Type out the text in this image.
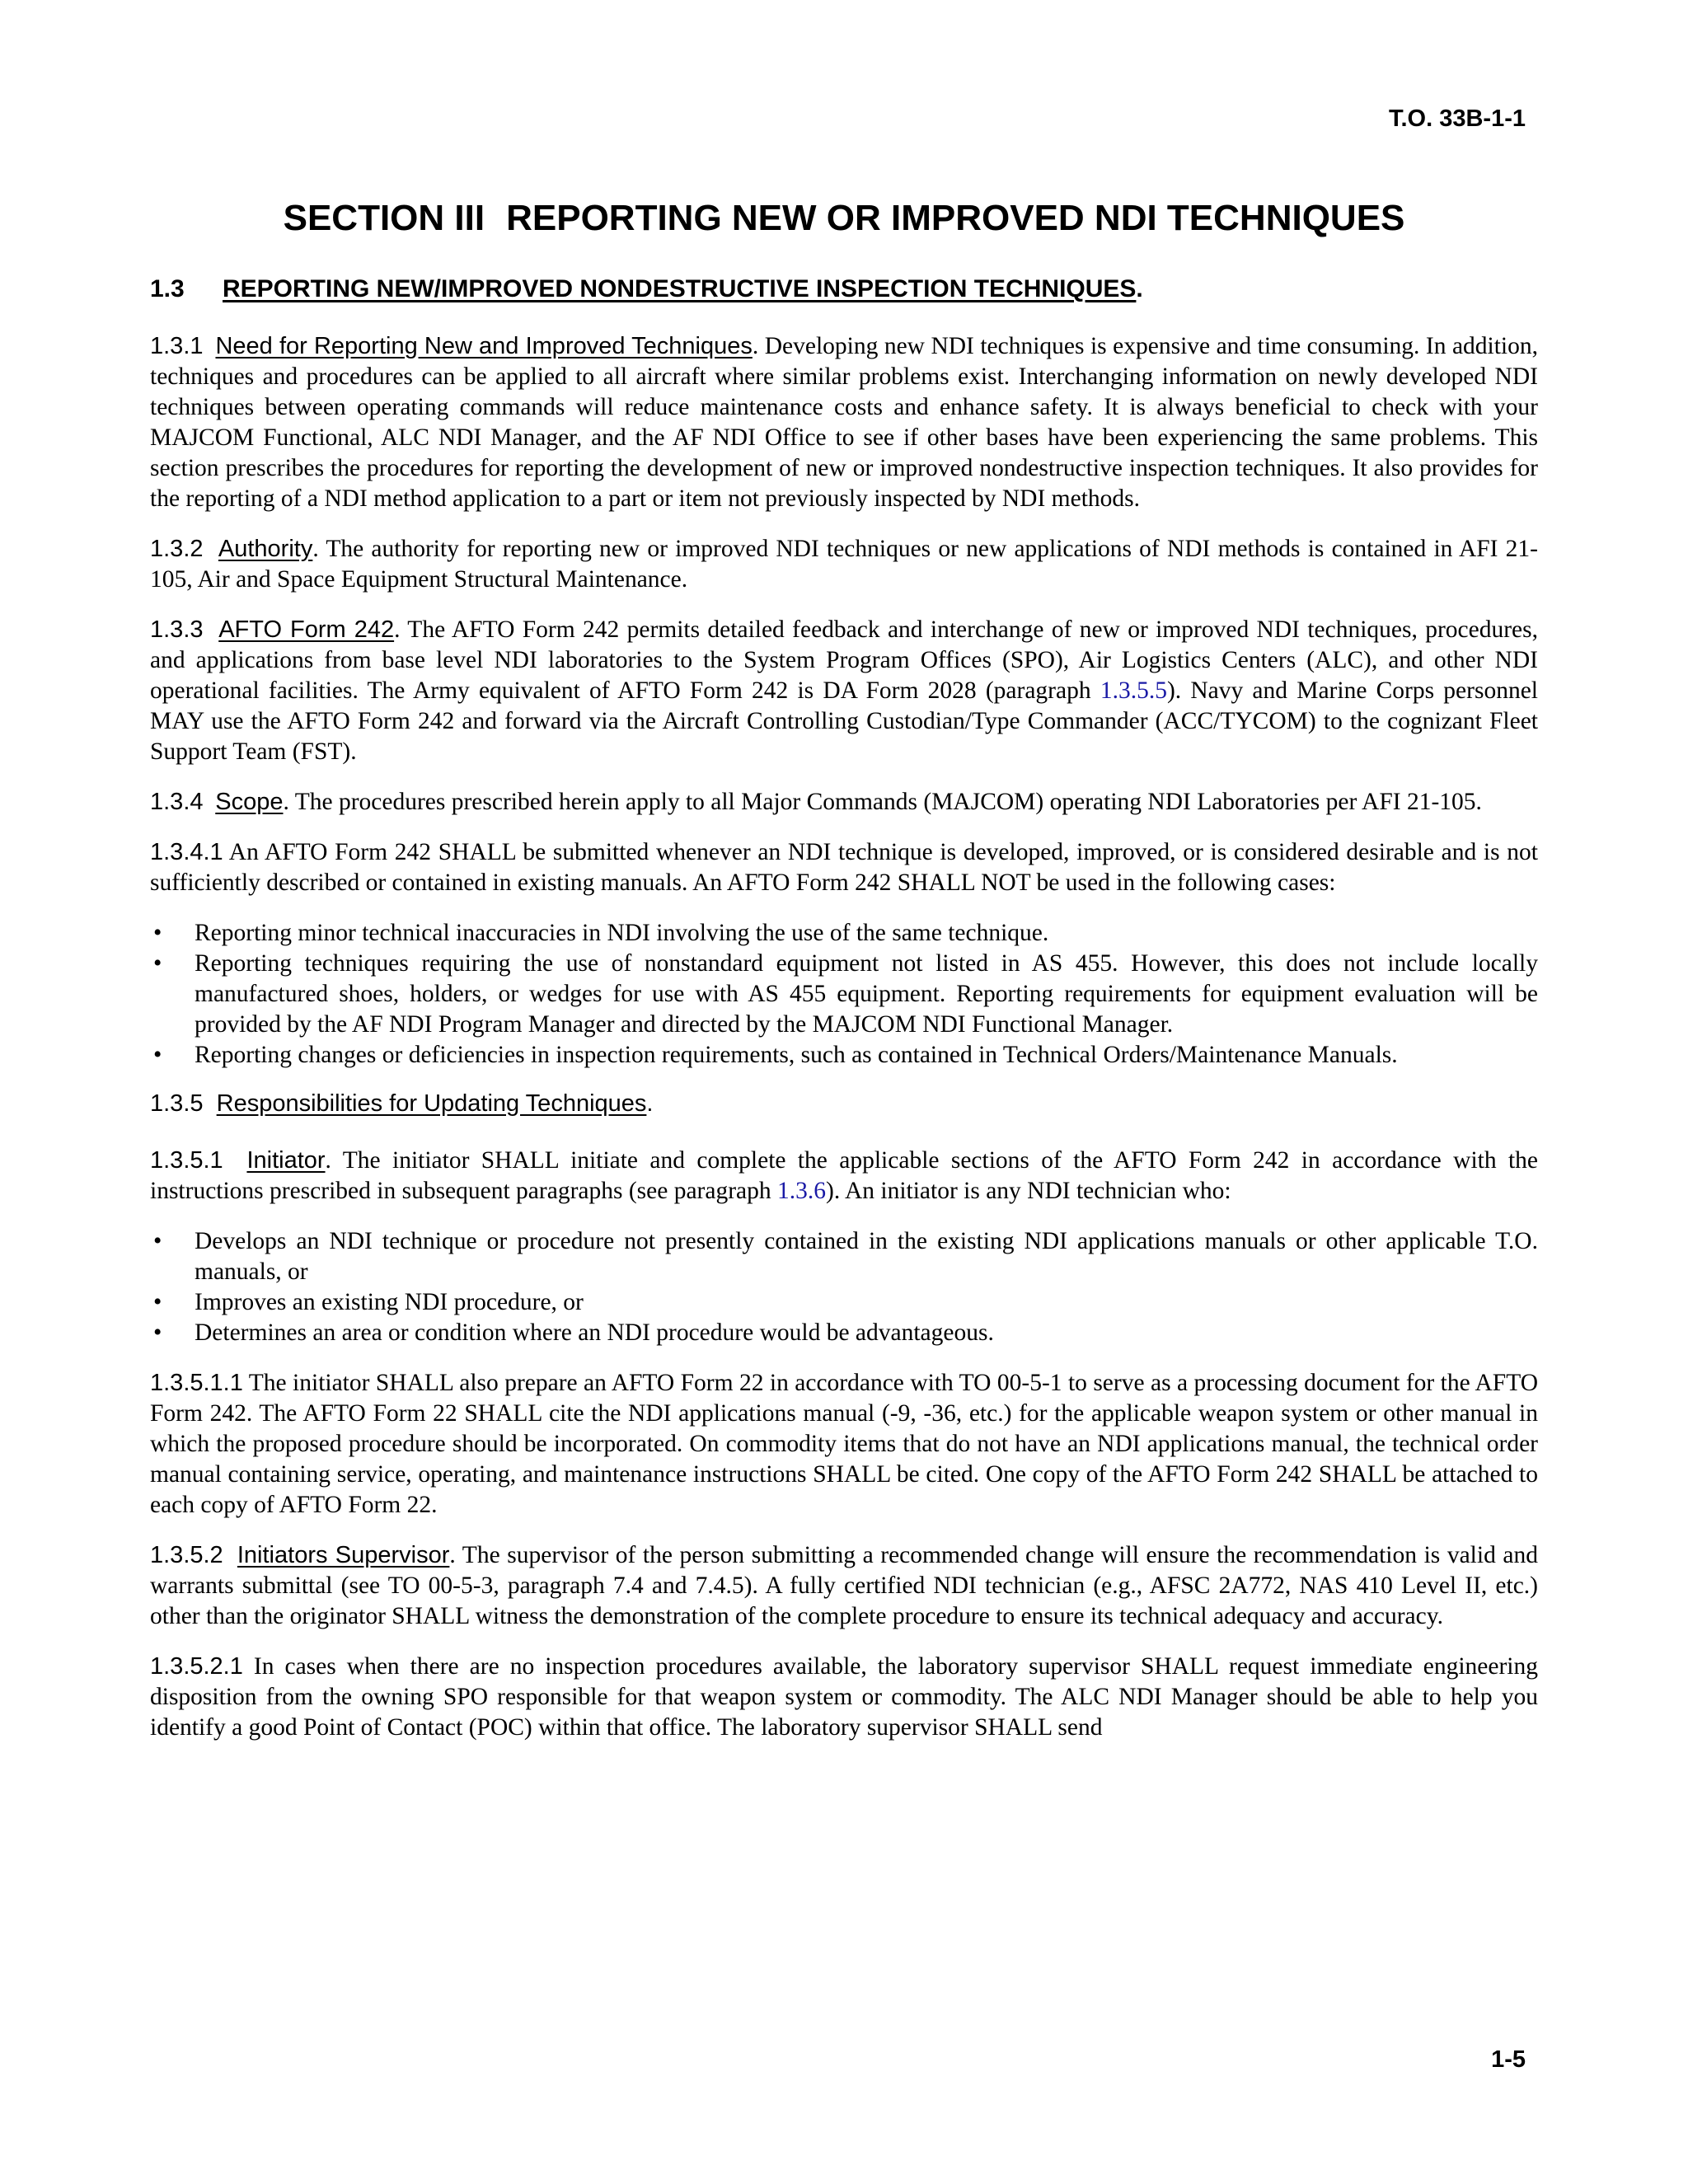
T.O. 33B-1-1
SECTION III REPORTING NEW OR IMPROVED NDI TECHNIQUES
1.3 REPORTING NEW/IMPROVED NONDESTRUCTIVE INSPECTION TECHNIQUES.

1.3.1 Need for Reporting New and Improved Techniques. Developing new NDI techniques is expensive and time consuming. In addition, techniques and procedures can be applied to all aircraft where similar problems exist. Interchanging information on newly developed NDI techniques between operating commands will reduce maintenance costs and enhance safety. It is always beneficial to check with your MAJCOM Functional, ALC NDI Manager, and the AF NDI Office to see if other bases have been experiencing the same problems. This section prescribes the procedures for reporting the development of new or improved nondestructive inspection techniques. It also provides for the reporting of a NDI method application to a part or item not previously inspected by NDI methods.

1.3.2 Authority. The authority for reporting new or improved NDI techniques or new applications of NDI methods is contained in AFI 21-105, Air and Space Equipment Structural Maintenance.

1.3.3 AFTO Form 242. The AFTO Form 242 permits detailed feedback and interchange of new or improved NDI techniques, procedures, and applications from base level NDI laboratories to the System Program Offices (SPO), Air Logistics Centers (ALC), and other NDI operational facilities. The Army equivalent of AFTO Form 242 is DA Form 2028 (paragraph 1.3.5.5). Navy and Marine Corps personnel MAY use the AFTO Form 242 and forward via the Aircraft Controlling Custodian/Type Commander (ACC/TYCOM) to the cognizant Fleet Support Team (FST).

1.3.4 Scope. The procedures prescribed herein apply to all Major Commands (MAJCOM) operating NDI Laboratories per AFI 21-105.

1.3.4.1 An AFTO Form 242 SHALL be submitted whenever an NDI technique is developed, improved, or is considered desirable and is not sufficiently described or contained in existing manuals. An AFTO Form 242 SHALL NOT be used in the following cases:

• Reporting minor technical inaccuracies in NDI involving the use of the same technique.
• Reporting techniques requiring the use of nonstandard equipment not listed in AS 455. However, this does not include locally manufactured shoes, holders, or wedges for use with AS 455 equipment. Reporting requirements for equipment evaluation will be provided by the AF NDI Program Manager and directed by the MAJCOM NDI Functional Manager.
• Reporting changes or deficiencies in inspection requirements, such as contained in Technical Orders/Maintenance Manuals.
1.3.5 Responsibilities for Updating Techniques.

1.3.5.1 Initiator. The initiator SHALL initiate and complete the applicable sections of the AFTO Form 242 in accordance with the instructions prescribed in subsequent paragraphs (see paragraph 1.3.6). An initiator is any NDI technician who:

• Develops an NDI technique or procedure not presently contained in the existing NDI applications manuals or other applicable T.O. manuals, or
• Improves an existing NDI procedure, or
• Determines an area or condition where an NDI procedure would be advantageous.

1.3.5.1.1 The initiator SHALL also prepare an AFTO Form 22 in accordance with TO 00-5-1 to serve as a processing document for the AFTO Form 242. The AFTO Form 22 SHALL cite the NDI applications manual (-9, -36, etc.) for the applicable weapon system or other manual in which the proposed procedure should be incorporated. On commodity items that do not have an NDI applications manual, the technical order manual containing service, operating, and maintenance instructions SHALL be cited. One copy of the AFTO Form 242 SHALL be attached to each copy of AFTO Form 22.

1.3.5.2 Initiators Supervisor. The supervisor of the person submitting a recommended change will ensure the recommendation is valid and warrants submittal (see TO 00-5-3, paragraph 7.4 and 7.4.5). A fully certified NDI technician (e.g., AFSC 2A772, NAS 410 Level II, etc.) other than the originator SHALL witness the demonstration of the complete procedure to ensure its technical adequacy and accuracy.

1.3.5.2.1 In cases when there are no inspection procedures available, the laboratory supervisor SHALL request immediate engineering disposition from the owning SPO responsible for that weapon system or commodity. The ALC NDI Manager should be able to help you identify a good Point of Contact (POC) within that office. The laboratory supervisor SHALL send

1-5
